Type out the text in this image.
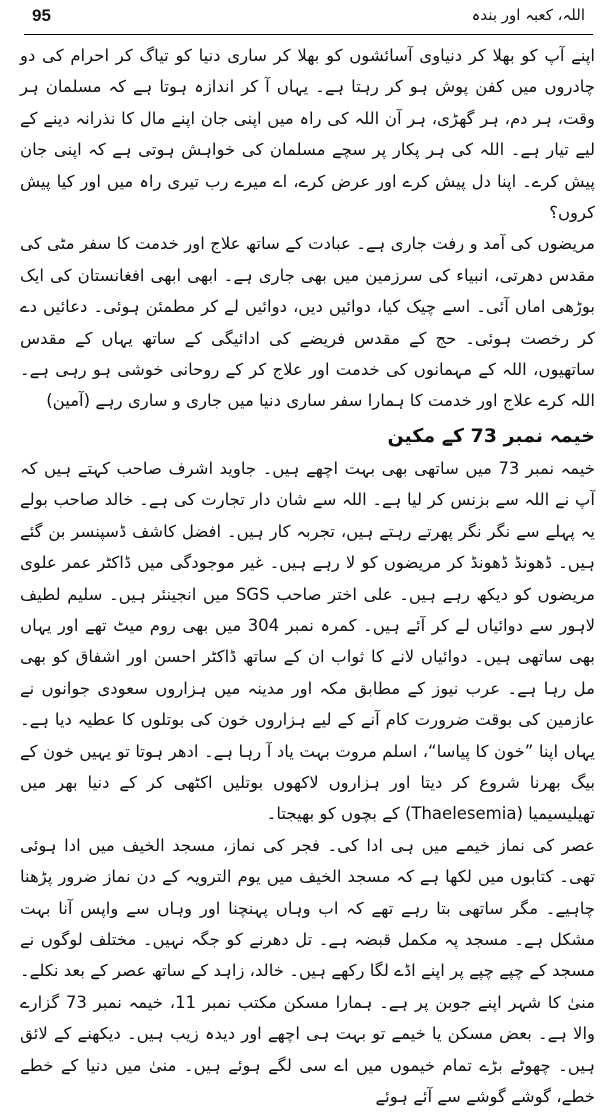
95	اللہ، کعبہ اور بندہ

اپنے آپ کو بھلا کر دنیاوی آسائشوں کو بھلا کر ساری دنیا کو تیاگ کر احرام کی دو چادروں میں کفن پوش ہو کر رہتا ہے۔ یہاں آ کر اندازہ ہوتا ہے کہ مسلمان ہر وقت، ہر دم، ہر گھڑی، ہر آن اللہ کی راہ میں اپنی جان اپنے مال کا نذرانہ دینے کے لیے تیار ہے۔ اللہ کی ہر پکار پر سچے مسلمان کی خواہش ہوتی ہے کہ اپنی جان پیش کرے۔ اپنا دل پیش کرے اور عرض کرے، اے میرے رب تیری راہ میں اور کیا پیش کروں؟

مریضوں کی آمد و رفت جاری ہے۔ عبادت کے ساتھ علاج اور خدمت کا سفر مٹی کی مقدس دھرتی، انبیاء کی سرزمین میں بھی جاری ہے۔ ابھی ابھی افغانستان کی ایک بوڑھی اماں آئی۔ اسے چیک کیا، دوائیں دیں، دوائیں لے کر مطمئن ہوئی۔ دعائیں دے کر رخصت ہوئی۔ حج کے مقدس فریضے کی ادائیگی کے ساتھ یہاں کے مقدس ساتھیوں، اللہ کے مہمانوں کی خدمت اور علاج کر کے روحانی خوشی ہو رہی ہے۔ اللہ کرے علاج اور خدمت کا ہمارا سفر ساری دنیا میں جاری و ساری رہے (آمین)

خیمہ نمبر 73 کے مکین

خیمہ نمبر 73 میں ساتھی بھی بہت اچھے ہیں۔ جاوید اشرف صاحب کہتے ہیں کہ آپ نے اللہ سے بزنس کر لیا ہے۔ اللہ سے شان دار تجارت کی ہے۔ خالد صاحب بولے یہ پہلے سے نگر نگر پھرتے رہتے ہیں، تجربہ کار ہیں۔ افضل کاشف ڈسپنسر بن گئے ہیں۔ ڈھونڈ ڈھونڈ کر مریضوں کو لا رہے ہیں۔ غیر موجودگی میں ڈاکٹر عمر علوی مریضوں کو دیکھ رہے ہیں۔ علی اختر صاحب SGS میں انجینئر ہیں۔ سلیم لطیف لاہور سے دوائیاں لے کر آئے ہیں۔ کمرہ نمبر 304 میں بھی روم میٹ تھے اور یہاں بھی ساتھی ہیں۔ دوائیاں لانے کا ثواب ان کے ساتھ ڈاکٹر احسن اور اشفاق کو بھی مل رہا ہے۔ عرب نیوز کے مطابق مکہ اور مدینہ میں ہزاروں سعودی جوانوں نے عازمین کی بوقت ضرورت کام آنے کے لیے ہزاروں خون کی بوتلوں کا عطیہ دیا ہے۔ یہاں اپنا ”خون کا پیاسا“، اسلم مروت بہت یاد آ رہا ہے۔ ادھر ہوتا تو یہیں خون کے بیگ بھرنا شروع کر دیتا اور ہزاروں لاکھوں بوتلیں اکٹھی کر کے دنیا بھر میں تھیلیسیمیا (Thaelesemia) کے بچوں کو بھیجتا۔

عصر کی نماز خیمے میں ہی ادا کی۔ فجر کی نماز، مسجد الخیف میں ادا ہوئی تھی۔ کتابوں میں لکھا ہے کہ مسجد الخیف میں یوم الترویہ کے دن نماز ضرور پڑھنا چاہیے۔ مگر ساتھی بتا رہے تھے کہ اب وہاں پہنچنا اور وہاں سے واپس آنا بہت مشکل ہے۔ مسجد پہ مکمل قبضہ ہے۔ تل دھرنے کو جگہ نہیں۔ مختلف لوگوں نے مسجد کے چپے چپے پر اپنے اڈے لگا رکھے ہیں۔ خالد، زاہد کے ساتھ عصر کے بعد نکلے۔ منیٰ کا شہر اپنے جوبن پر ہے۔ ہمارا مسکن مکتب نمبر 11، خیمہ نمبر 73 گزارے والا ہے۔ بعض مسکن یا خیمے تو بہت ہی اچھے اور دیدہ زیب ہیں۔ دیکھنے کے لائق ہیں۔ چھوٹے بڑے تمام خیموں میں اے سی لگے ہوئے ہیں۔ منیٰ میں دنیا کے خطے خطے، گوشے گوشے سے آئے ہوئے
